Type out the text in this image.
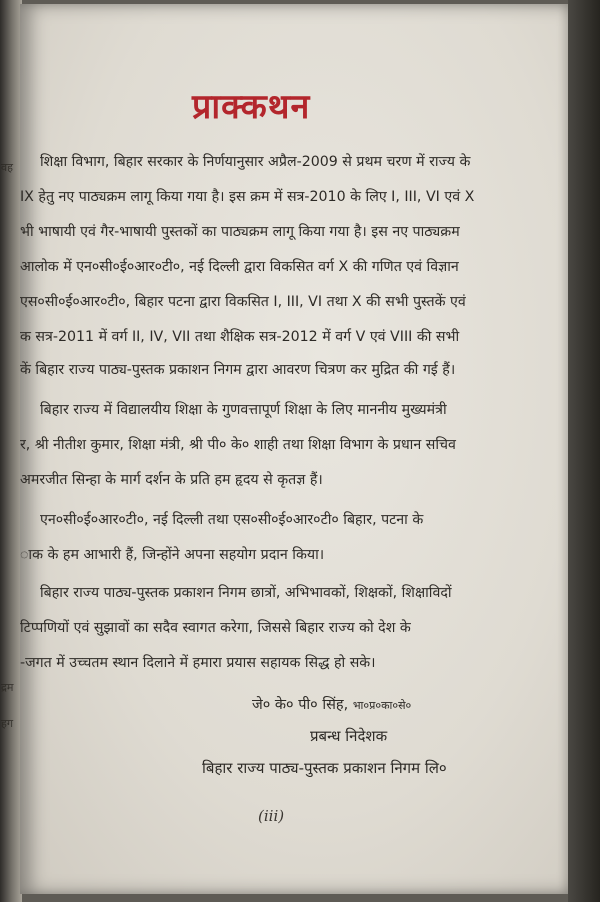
वह
द्रम
हग
प्राक्कथन
शिक्षा विभाग, बिहार सरकार के निर्णयानुसार अप्रैल-2009 से प्रथम चरण में राज्य के
IX हेतु नए पाठ्यक्रम लागू किया गया है। इस क्रम में सत्र-2010 के लिए I, III, VI एवं X
भी भाषायी एवं गैर-भाषायी पुस्तकों का पाठ्यक्रम लागू किया गया है। इस नए पाठ्यक्रम
आलोक में एन०सी०ई०आर०टी०, नई दिल्ली द्वारा विकसित वर्ग X की गणित एवं विज्ञान
एस०सी०ई०आर०टी०, बिहार पटना द्वारा विकसित I, III, VI तथा X की सभी पुस्तकें एवं
क सत्र-2011 में वर्ग II, IV, VII तथा शैक्षिक सत्र-2012 में वर्ग V एवं VIII की सभी
कें बिहार राज्य पाठ्य-पुस्तक प्रकाशन निगम द्वारा आवरण चित्रण कर मुद्रित की गई हैं।
बिहार राज्य में विद्यालयीय शिक्षा के गुणवत्तापूर्ण शिक्षा के लिए माननीय मुख्यमंत्री
र, श्री नीतीश कुमार, शिक्षा मंत्री, श्री पी० के० शाही तथा शिक्षा विभाग के प्रधान सचिव
अमरजीत सिन्हा के मार्ग दर्शन के प्रति हम हृदय से कृतज्ञ हैं।
एन०सी०ई०आर०टी०, नई दिल्ली तथा एस०सी०ई०आर०टी० बिहार, पटना के
ाक के हम आभारी हैं, जिन्होंने अपना सहयोग प्रदान किया।
बिहार राज्य पाठ्य-पुस्तक प्रकाशन निगम छात्रों, अभिभावकों, शिक्षकों, शिक्षाविदों
टिप्पणियों एवं सुझावों का सदैव स्वागत करेगा, जिससे बिहार राज्य को देश के
-जगत में उच्चतम स्थान दिलाने में हमारा प्रयास सहायक सिद्ध हो सके।
जे० के० पी० सिंह, भा०प्र०का०से०
प्रबन्ध निदेशक
बिहार राज्य पाठ्य-पुस्तक प्रकाशन निगम लि०
(iii)
